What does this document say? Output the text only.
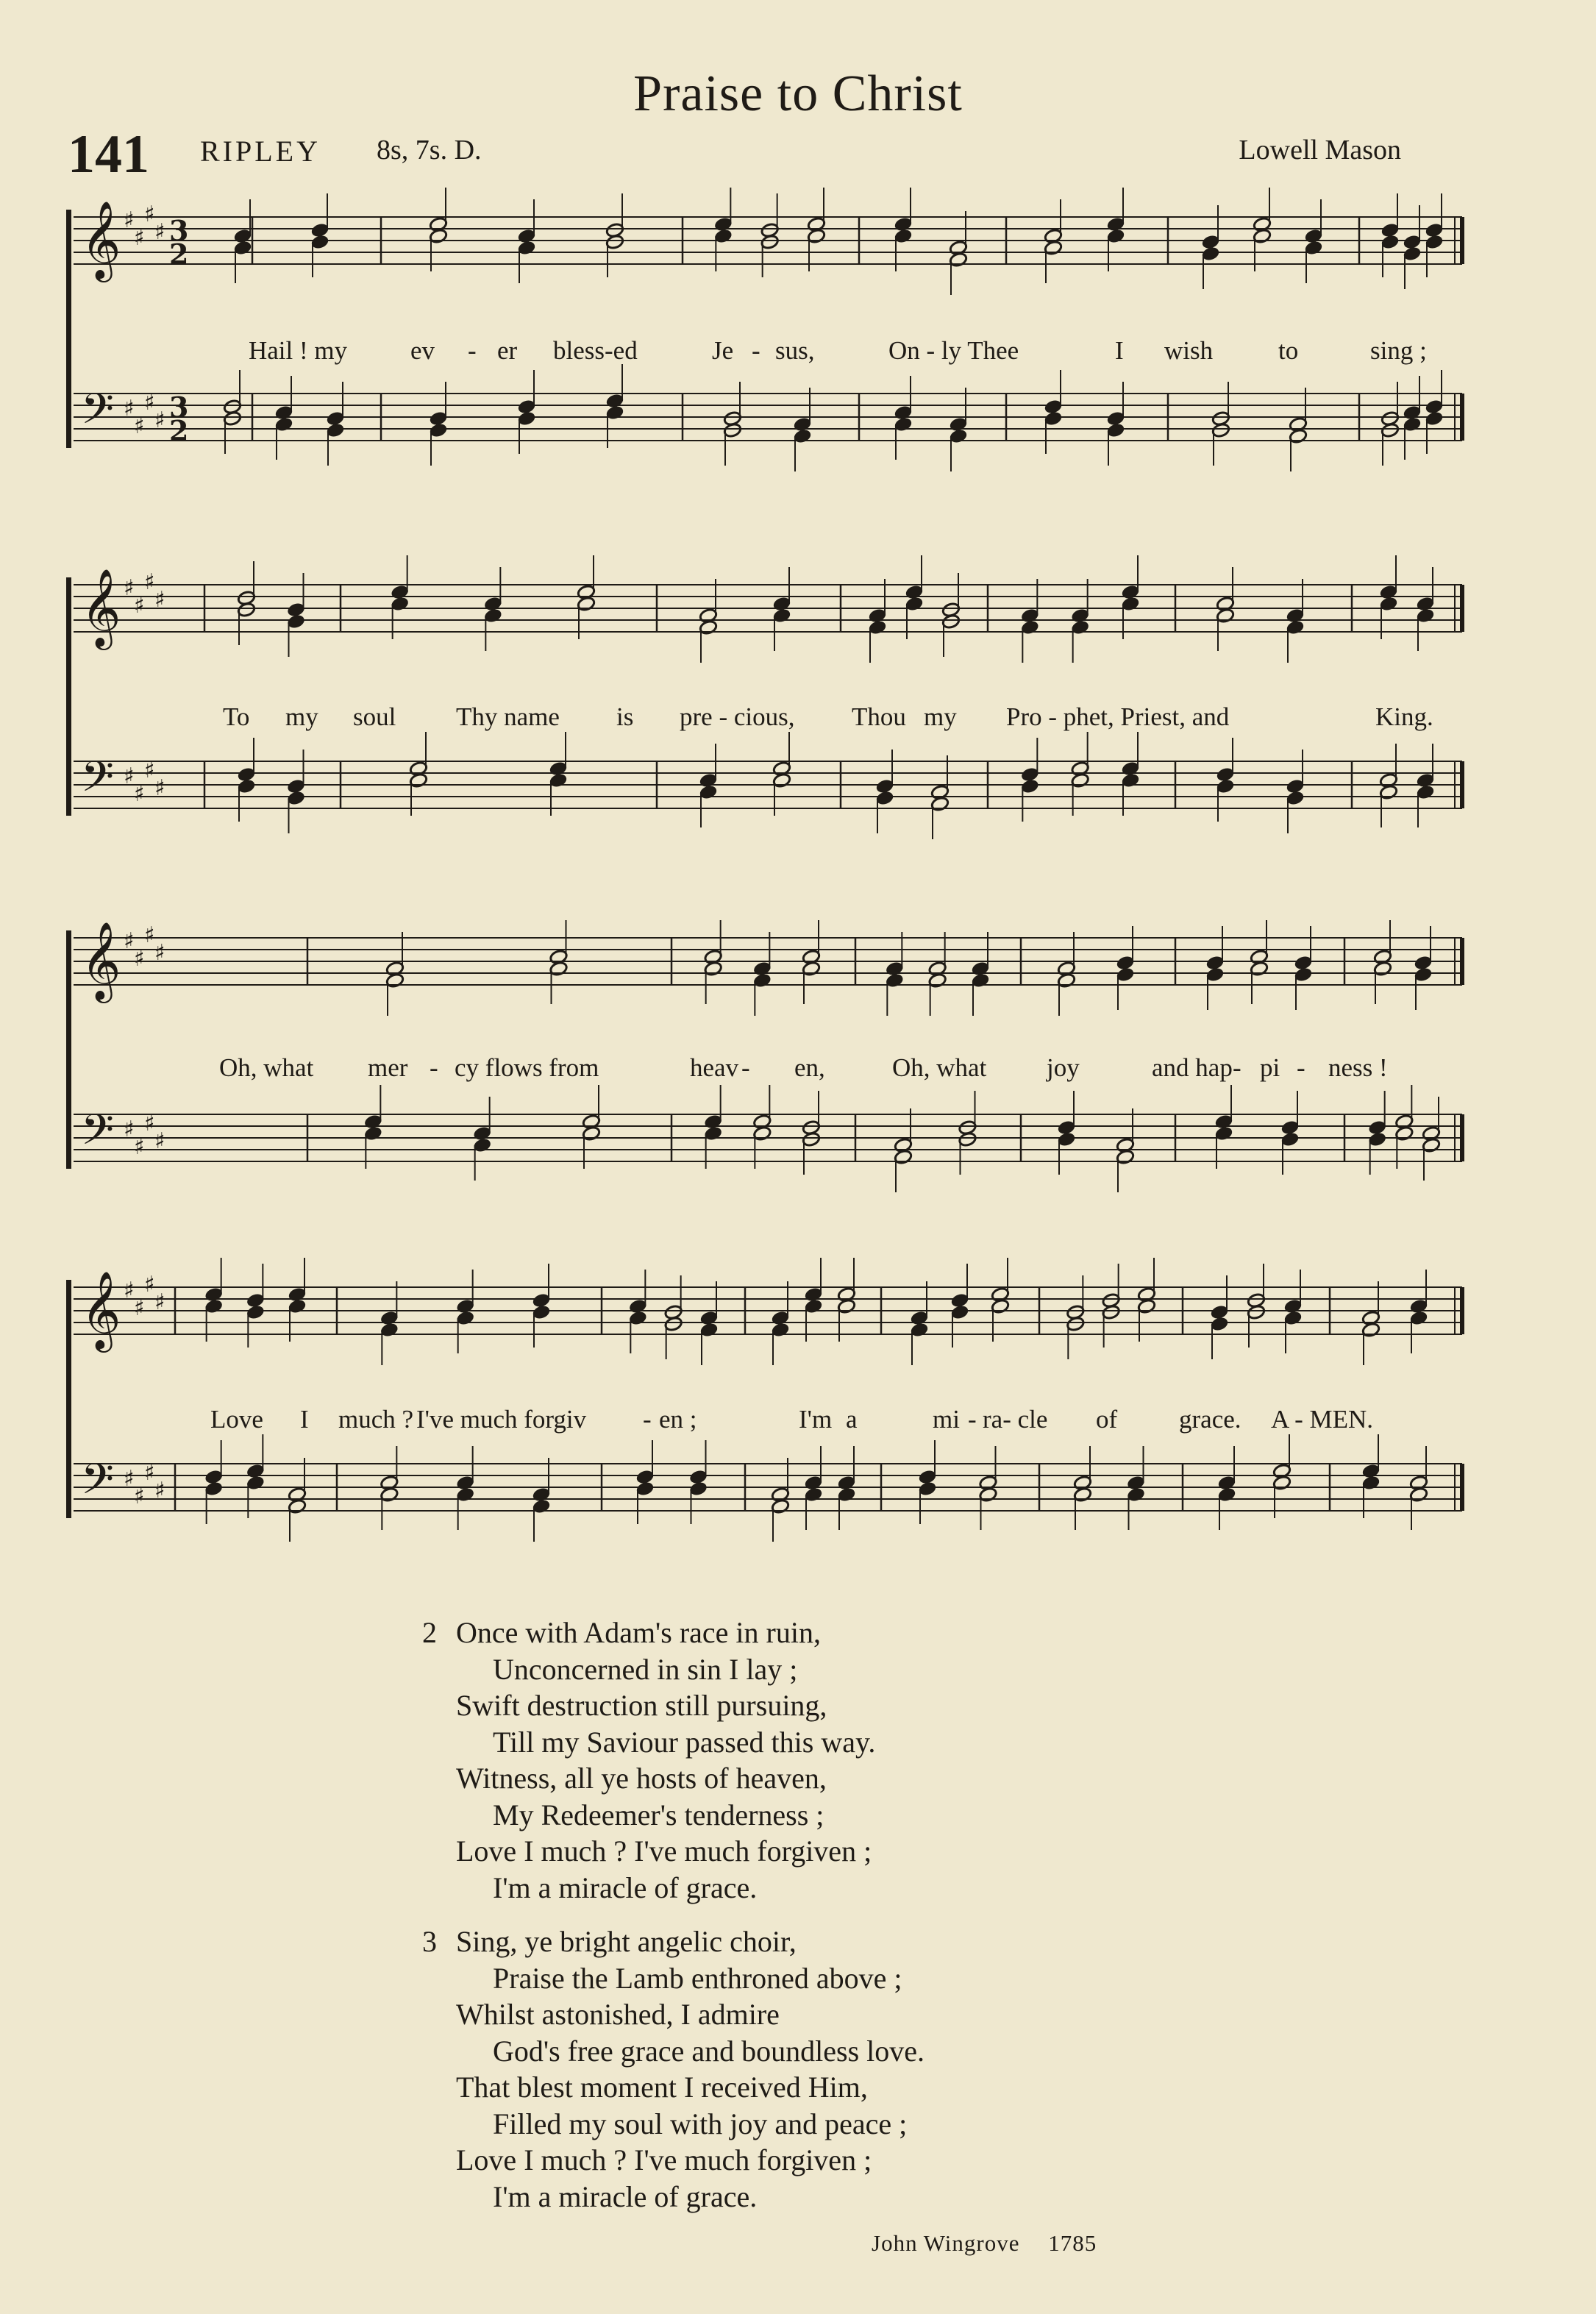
Praise to Christ
141 RIPLEY 8s, 7s. D.	Lowell Mason
𝄞 ♯
♯
♯
♯ 3
2
𝄢 ♯
♯
♯
♯ 3
2
Hail ! my ev - er bless-ed	Je - sus,	On - ly Thee	I wish	to	sing ;
𝄞 ♯
♯
♯
♯
𝄢 ♯
♯
♯
♯
To my soul Thy name is pre - cious, Thou my Pro - phet, Priest, and	King.
𝄞 ♯
♯
♯
♯
𝄢 ♯
♯
♯
♯
Oh, what mer - cy flows from	heav - en,	Oh, what joy	and hap - pi - ness !
𝄞 ♯
♯
♯
♯
𝄢 ♯
♯
♯
♯
Love I much ? I've much forgiv - en ;	I'm a	mi - ra- cle of grace. A - MEN.
2 Once with Adam's race in ruin,
Unconcerned in sin I lay ;
Swift destruction still pursuing,
Till my Saviour passed this way.
Witness, all ye hosts of heaven,
My Redeemer's tenderness ;
Love I much ? I've much forgiven ;
I'm a miracle of grace.
3 Sing, ye bright angelic choir,
Praise the Lamb enthroned above ;
Whilst astonished, I admire
God's free grace and boundless love.
That blest moment I received Him,
Filled my soul with joy and peace ;
Love I much ? I've much forgiven ;
I'm a miracle of grace.
John Wingrove 1785
